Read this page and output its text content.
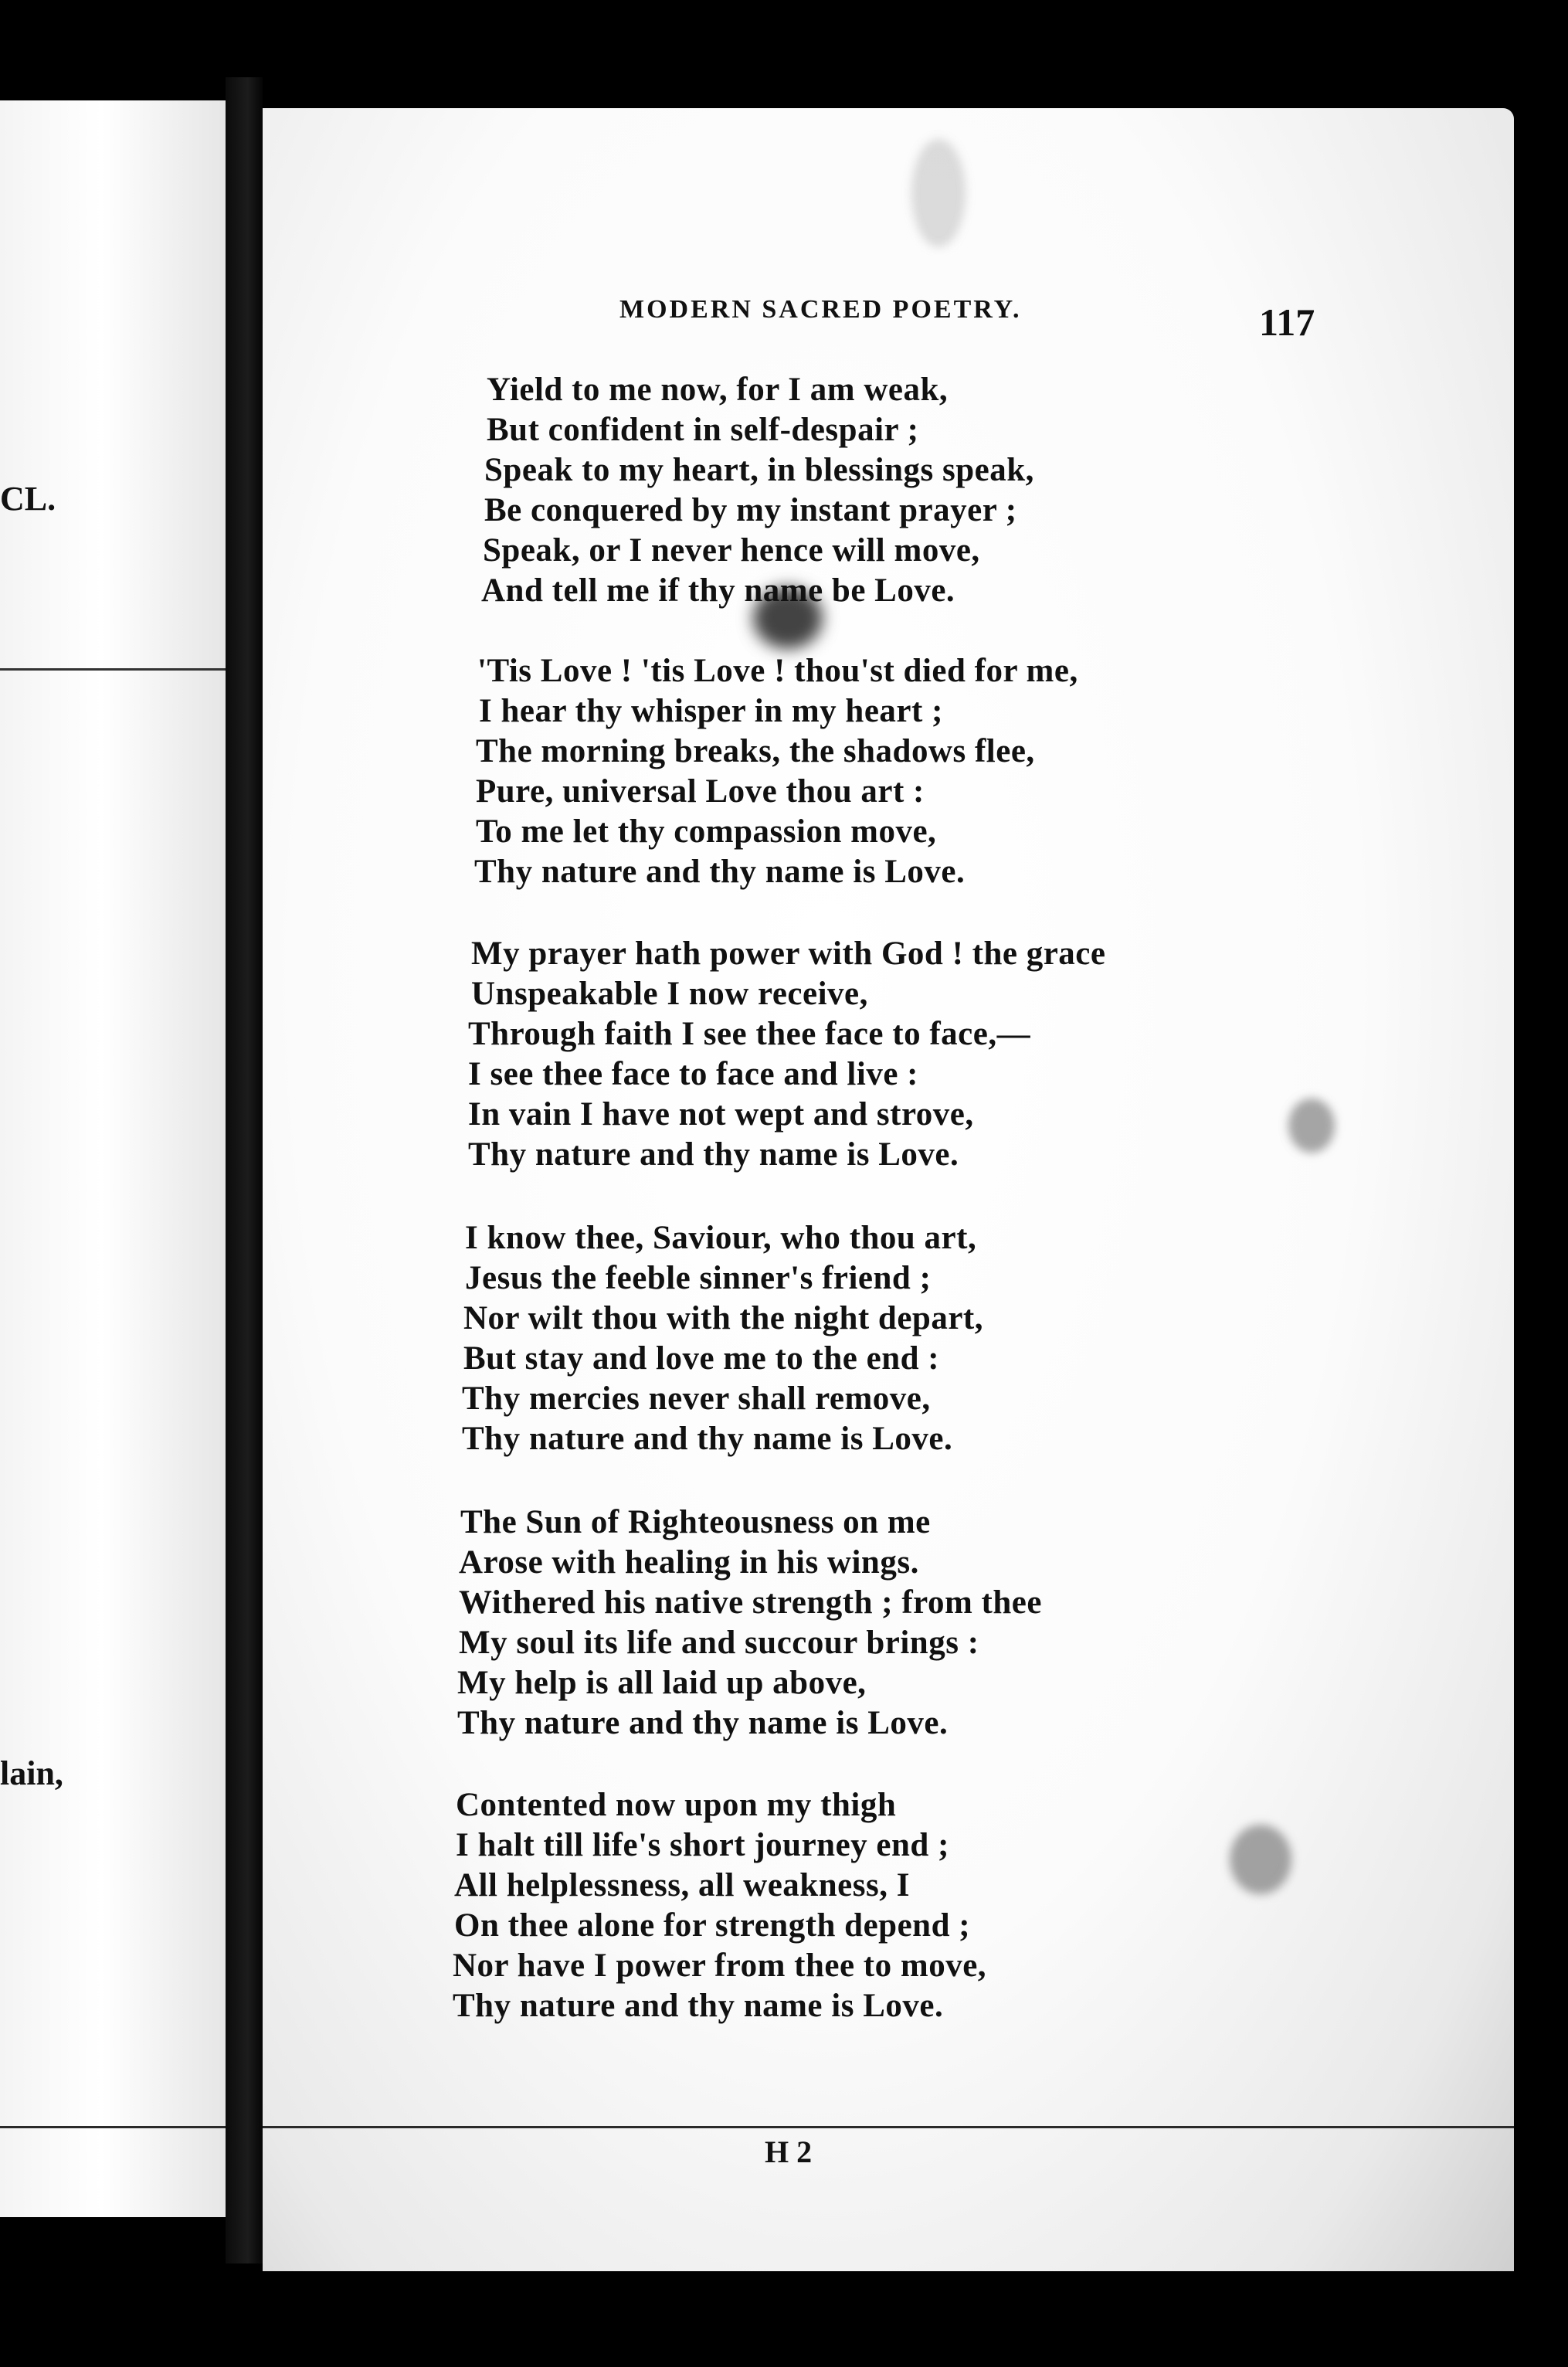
CL.
lain,
MODERN SACRED POETRY.	117
Yield to me now, for I am weak,
But confident in self-despair ;
Speak to my heart, in blessings speak,
Be conquered by my instant prayer ;
Speak, or I never hence will move,
And tell me if thy name be Love.
'Tis Love ! 'tis Love ! thou'st died for me,
I hear thy whisper in my heart ;
The morning breaks, the shadows flee,
Pure, universal Love thou art :
To me let thy compassion move,
Thy nature and thy name is Love.
My prayer hath power with God ! the grace
Unspeakable I now receive,
Through faith I see thee face to face,—
I see thee face to face and live :
In vain I have not wept and strove,
Thy nature and thy name is Love.
I know thee, Saviour, who thou art,
Jesus the feeble sinner's friend ;
Nor wilt thou with the night depart,
But stay and love me to the end :
Thy mercies never shall remove,
Thy nature and thy name is Love.
The Sun of Righteousness on me
Arose with healing in his wings.
Withered his native strength ; from thee
My soul its life and succour brings :
My help is all laid up above,
Thy nature and thy name is Love.
Contented now upon my thigh
I halt till life's short journey end ;
All helplessness, all weakness, I
On thee alone for strength depend ;
Nor have I power from thee to move,
Thy nature and thy name is Love.
H 2
